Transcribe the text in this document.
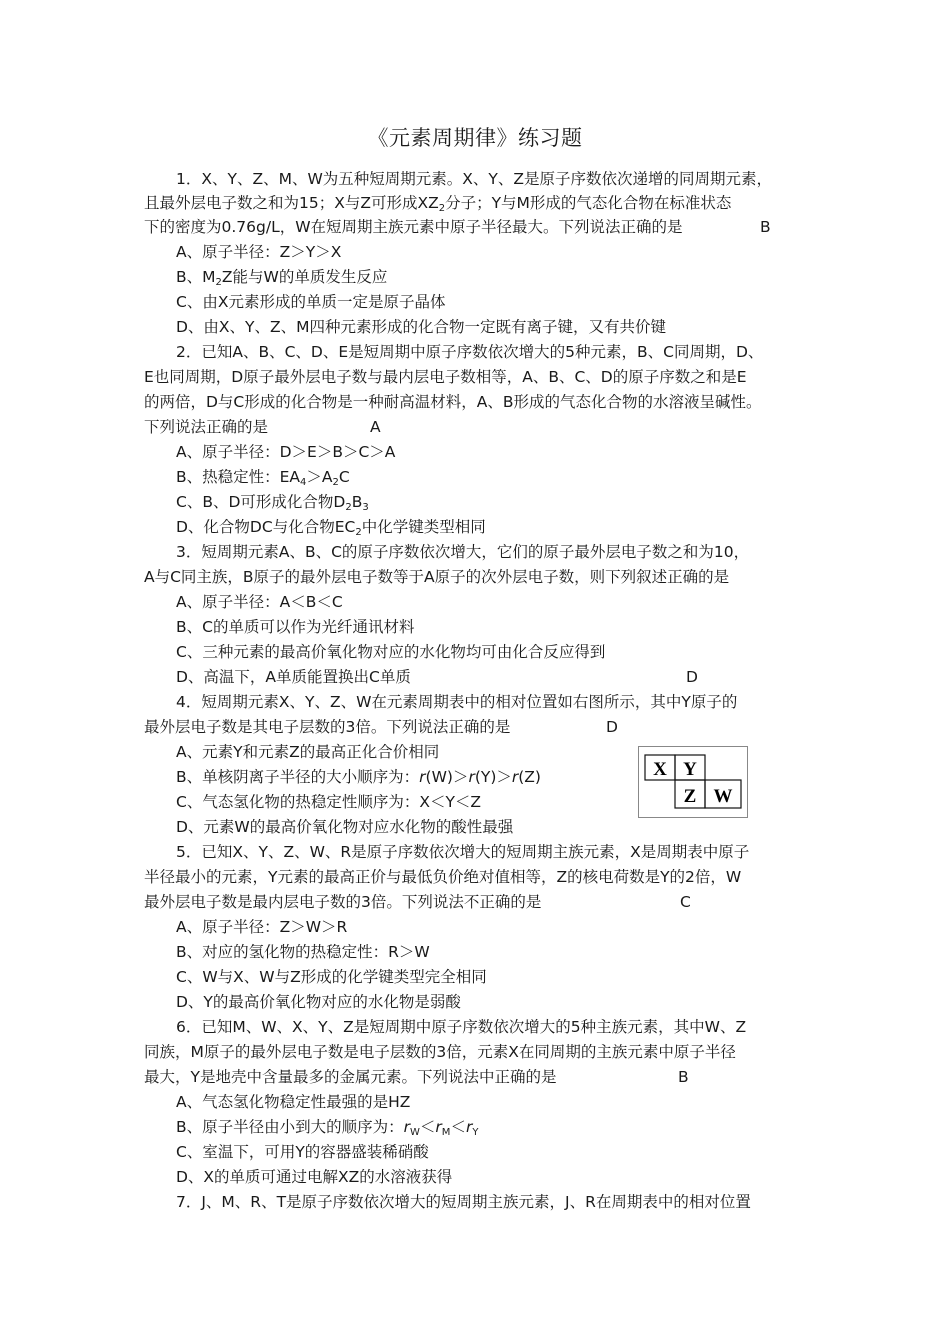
《元素周期律》练习题
1．X、Y、Z、M、W为五种短周期元素。X、Y、Z是原子序数依次递增的同周期元素，
且最外层电子数之和为15；X与Z可形成$XZ_2$分子；Y与M形成的气态化合物在标准状态
下的密度为0.76g/L，W在短周期主族元素中原子半径最大。下列说法正确的是	B
A、原子半径：Z＞Y＞X
B、$M_2Z$能与W的单质发生反应
C、由X元素形成的单质一定是原子晶体
D、由X、Y、Z、M四种元素形成的化合物一定既有离子键，又有共价键
2．已知A、B、C、D、E是短周期中原子序数依次增大的5种元素，B、C同周期，D、
E也同周期，D原子最外层电子数与最内层电子数相等，A、B、C、D的原子序数之和是E
的两倍，D与C形成的化合物是一种耐高温材料，A、B形成的气态化合物的水溶液呈碱性。
下列说法正确的是	A
A、原子半径：D＞E＞B＞C＞A
B、热稳定性：$EA_4>A_2C$
C、B、D可形成化合物$D_2B_3$
D、化合物DC与化合物$EC_2$中化学键类型相同
3．短周期元素A、B、C的原子序数依次增大，它们的原子最外层电子数之和为10，
A与C同主族，B原子的最外层电子数等于A原子的次外层电子数，则下列叙述正确的是
A、原子半径：A＜B＜C
B、C的单质可以作为光纤通讯材料
C、三种元素的最高价氧化物对应的水化物均可由化合反应得到
D、高温下，A单质能置换出C单质	D
4．短周期元素X、Y、Z、W在元素周期表中的相对位置如右图所示，其中Y原子的
最外层电子数是其电子层数的3倍。下列说法正确的是	D
A、元素Y和元素Z的最高正化合价相同
B、单核阴离子半径的大小顺序为：r(W)＞r(Y)＞r(Z)
C、气态氢化物的热稳定性顺序为：X＜Y＜Z
D、元素W的最高价氧化物对应水化物的酸性最强
X Y
Z W
5．已知X、Y、Z、W、R是原子序数依次增大的短周期主族元素，X是周期表中原子
半径最小的元素，Y元素的最高正价与最低负价绝对值相等，Z的核电荷数是Y的2倍，W
最外层电子数是最内层电子数的3倍。下列说法不正确的是	C
A、原子半径：Z＞W＞R
B、对应的氢化物的热稳定性：R＞W
C、W与X、W与Z形成的化学键类型完全相同
D、Y的最高价氧化物对应的水化物是弱酸
6．已知M、W、X、Y、Z是短周期中原子序数依次增大的5种主族元素，其中W、Z
同族，M原子的最外层电子数是电子层数的3倍，元素X在同周期的主族元素中原子半径
最大，Y是地壳中含量最多的金属元素。下列说法中正确的是	B
A、气态氢化物稳定性最强的是HZ
B、原子半径由小到大的顺序为：$r_W<r_M<r_Y$
C、室温下，可用Y的容器盛装稀硝酸
D、X的单质可通过电解XZ的水溶液获得
7．J、M、R、T是原子序数依次增大的短周期主族元素，J、R在周期表中的相对位置
